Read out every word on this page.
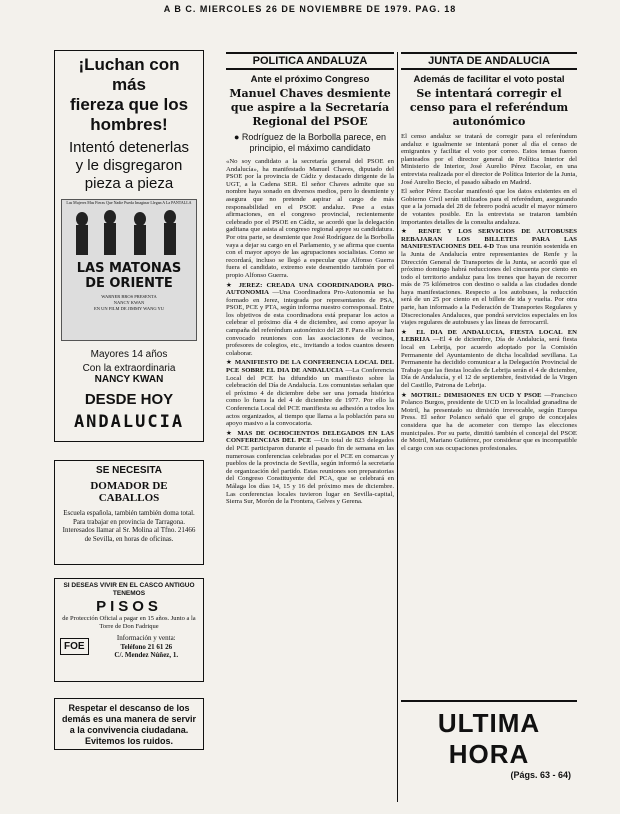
A B C. MIERCOLES 26 DE NOVIEMBRE DE 1979. PAG. 18
¡Luchan con más
fiereza que los
hombres!
Intentó detenerlas
y le disgregaron
pieza a pieza
Las Mujeres Mas Fieras Que Nadie Pueda Imaginar Llegan A La PANTALLA
LAS MATONAS
DE ORIENTE
WARNER BROS PRESENTA
NANCY KWAN
EN UN FILM DE JIMMY WANG YU
Mayores 14 años
Con la extraordinaria
NANCY KWAN
DESDE HOY
ANDALUCIA
SE NECESITA
DOMADOR DE CABALLOS

Escuela española, también también doma total. Para trabajar en provincia de Tarragona. Interesados llamar al Sr. Molina al Tfno. 21466 de Sevilla, en horas de oficinas.

SI DESEAS VIVIR EN EL CASCO ANTIGUO TENEMOS
PISOS
de Protección Oficial a pagar en 15 años. Junto a la Torre de Don Fadrique
FOE
Información y venta:
Teléfono 21 61 26
C/. Mendez Núñez, 1.
Respetar el descanso de los demás es una manera de servir a la convivencia ciudadana. Evitemos los ruidos.
POLITICA ANDALUZA
Ante el próximo Congreso
Manuel Chaves desmiente que aspire a la Secretaría Regional del PSOE
● Rodríguez de la Borbolla parece, en principio, el máximo candidato

«No soy candidato a la secretaría general del PSOE en Andalucía», ha manifestado Manuel Chaves, diputado del PSOE por la provincia de Cádiz y destacado dirigente de la UGT, a la Cadena SER. El señor Chaves admite que su nombre haya sonado en diversos medios, pero lo desmiente y asegura que no pretende aspirar al cargo de más responsabilidad en el PSOE andaluz. Pese a estas afirmaciones, en el congreso provincial, recientemente celebrado por el PSOE en Cádiz, se acordó que la delegación gaditana que asista al congreso regional apoye su candidatura. Por otra parte, se desmiente que José Rodríguez de la Borbolla vaya a dejar su cargo en el Parlamento, y se afirma que cuenta con el mayor apoyo de las agrupaciones socialistas. Como se recordará, incluso se llegó a especular que Alfonso Guerra fuera el candidato, extremo este desmentido también por el propio Alfonso Guerra.

★ JEREZ: CREADA UNA COORDINADORA PRO-AUTONOMIA —Una Coordinadora Pro-Autonomía se ha formado en Jerez, integrada por representantes de PSA, PSOE, PCE y PTA, según informa nuestro corresponsal. Entre los objetivos de esta coordinadora está preparar los actos a celebrar el próximo día 4 de diciembre, así como apoyar la campaña del referéndum autonómico del 28 F. Para ello se han convocado reuniones con las asociaciones de vecinos, profesores de colegios, etc., invitando a todos cuantos deseen colaborar.

★ MANIFIESTO DE LA CONFERENCIA LOCAL DEL PCE SOBRE EL DIA DE ANDALUCIA —La Conferencia Local del PCE ha difundido un manifiesto sobre la celebración del Día de Andalucía. Los comunistas señalan que el próximo 4 de diciembre debe ser una jornada histórica como lo fuera la del 4 de diciembre de 1977. Por ello la Conferencia Local del PCE manifiesta su adhesión a todos los actos organizados, al tiempo que llama a la población para su apoyo masivo a la convocatoria.

★ MAS DE OCHOCIENTOS DELEGADOS EN LAS CONFERENCIAS DEL PCE —Un total de 823 delegados del PCE participaron durante el pasado fin de semana en las numerosas conferencias celebradas por el PCE en comarcas y pueblos de la provincia de Sevilla, según informó la secretaría de organización del partido. Estas reuniones son preparatorias del Congreso Constituyente del PCA, que se celebrará en Málaga los días 14, 15 y 16 del próximo mes de diciembre. Las conferencias locales tuvieron lugar en Sevilla-capital, Sierra Sur, Morón de la Frontera, Gelves y Gerena.

JUNTA DE ANDALUCIA
Además de facilitar el voto postal
Se intentará corregir el censo para el referéndum autonómico

El censo andaluz se tratará de corregir para el referéndum andaluz e igualmente se intentará poner al día el censo de emigrantes y facilitar el voto por correo. Estos temas fueron planteados por el director general de Política Interior del Ministerio de Interior, José Aurelio Pérez Escolar, en una entrevista realizada por el director de Política Interior de la Junta, José Aurelio Becio, el pasado sábado en Madrid.

El señor Pérez Escolar manifestó que los datos existentes en el Gobierno Civil serán utilizados para el referéndum, asegurando que a la jornada del 28 de febrero podrá acudir el mayor número de votantes posible. En la entrevista se trataron también importantes detalles de la consulta andaluza.

★ RENFE Y LOS SERVICIOS DE AUTOBUSES REBAJARAN LOS BILLETES PARA LAS MANIFESTACIONES DEL 4-D Tras una reunión sostenida en la Junta de Andalucía entre representantes de Renfe y la Dirección General de Transportes de la Junta, se acordó que el próximo domingo habrá reducciones del cincuenta por ciento en todo el territorio andaluz para los trenes que hayan de recorrer más de 75 kilómetros con destino o salida a las ciudades donde haya manifestaciones. Respecto a los autobuses, la reducción será de un 25 por ciento en el billete de ida y vuelta. Por otra parte, han informado a la Federación de Transportes Regulares y Discrecionales Andaluces, que pondrá servicios especiales en los viajes regulares de autobuses y las líneas de ferrocarril.

★ EL DIA DE ANDALUCIA, FIESTA LOCAL EN LEBRIJA —El 4 de diciembre, Día de Andalucía, será fiesta local en Lebrija, por acuerdo adoptado por la Comisión Permanente del Ayuntamiento de dicha localidad sevillana. La Permanente ha decidido comunicar a la Delegación Provincial de Trabajo que las fiestas locales de Lebrija serán el 4 de diciembre, Día de Andalucía, y el 12 de septiembre, festividad de la Virgen del Castillo, Patrona de Lebrija.

★ MOTRIL: DIMISIONES EN UCD Y PSOE —Francisco Polanco Burgos, presidente de UCD en la localidad granadina de Motril, ha presentado su dimisión irrevocable, según Europa Press. El señor Polanco señaló que el grupo de concejales considera que ha de acometer con tiempo las elecciones municipales. Por su parte, dimitió también el concejal del PSOE de Motril, Mariano Gutiérrez, por considerar que es incompatible el cargo con sus ocupaciones profesionales.

ULTIMA HORA
(Págs. 63 - 64)
